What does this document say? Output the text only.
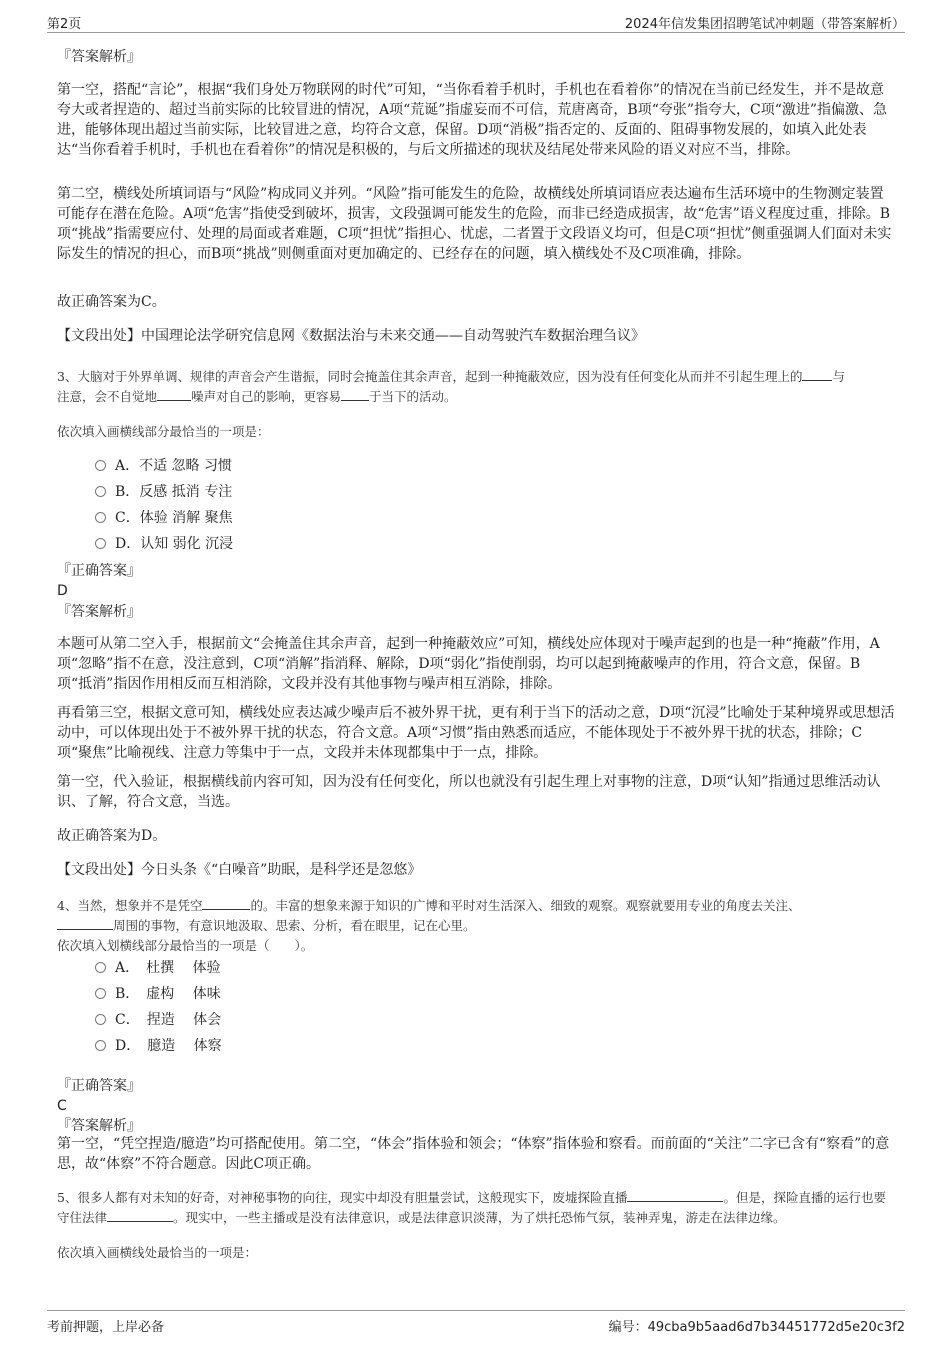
第2页	2024年信发集团招聘笔试冲刺题（带答案解析）
『答案解析』
第一空，搭配“言论”，根据“我们身处万物联网的时代”可知，“当你看着手机时，手机也在看着你”的情况在当前已经发生，并不是故意夸大或者捏造的、超过当前实际的比较冒进的情况，A项“荒诞”指虚妄而不可信，荒唐离奇，B项“夸张”指夸大，C项“激进”指偏激、急进，能够体现出超过当前实际，比较冒进之意，均符合文意，保留。D项“消极”指否定的、反面的、阻碍事物发展的，如填入此处表达“当你看着手机时，手机也在看着你”的情况是积极的，与后文所描述的现状及结尾处带来风险的语义对应不当，排除。
第二空，横线处所填词语与“风险”构成同义并列。“风险”指可能发生的危险，故横线处所填词语应表达遍布生活环境中的生物测定装置可能存在潜在危险。A项“危害”指使受到破坏，损害，文段强调可能发生的危险，而非已经造成损害，故“危害”语义程度过重，排除。B项“挑战”指需要应付、处理的局面或者难题，C项“担忧”指担心、忧虑，二者置于文段语义均可，但是C项“担忧”侧重强调人们面对未实际发生的情况的担心，而B项“挑战”则侧重面对更加确定的、已经存在的问题，填入横线处不及C项准确，排除。
故正确答案为C。
【文段出处】中国理论法学研究信息网《数据法治与未来交通——自动驾驶汽车数据治理刍议》
3、大脑对于外界单调、规律的声音会产生谐振，同时会掩盖住其余声音，起到一种掩蔽效应，因为没有任何变化从而并不引起生理上的 与
注意，会不自觉地	噪声对自己的影响，更容易 于当下的活动。
依次填入画横线部分最恰当的一项是：
A．不适 忽略 习惯
B．反感 抵消 专注
C．体验 消解 聚焦
D．认知 弱化 沉浸
『正确答案』
D
『答案解析』
本题可从第二空入手，根据前文“会掩盖住其余声音，起到一种掩蔽效应”可知，横线处应体现对于噪声起到的也是一种“掩蔽”作用，A项“忽略”指不在意，没注意到，C项“消解”指消释、解除，D项“弱化”指使削弱，均可以起到掩蔽噪声的作用，符合文意，保留。B项“抵消”指因作用相反而互相消除，文段并没有其他事物与噪声相互消除，排除。
再看第三空，根据文意可知，横线处应表达减少噪声后不被外界干扰，更有利于当下的活动之意，D项“沉浸”比喻处于某种境界或思想活动中，可以体现出处于不被外界干扰的状态，符合文意。A项“习惯”指由熟悉而适应，不能体现处于不被外界干扰的状态，排除；C项“聚焦”比喻视线、注意力等集中于一点，文段并未体现都集中于一点，排除。
第一空，代入验证，根据横线前内容可知，因为没有任何变化，所以也就没有引起生理上对事物的注意，D项“认知”指通过思维活动认识、了解，符合文意，当选。
故正确答案为D。
【文段出处】今日头条《“白噪音”助眠，是科学还是忽悠》
4、当然，想象并不是凭空	的。丰富的想象来源于知识的广博和平时对生活深入、细致的观察。观察就要用专业的角度去关注、
周围的事物，有意识地汲取、思索、分析，看在眼里，记在心里。
依次填入划横线部分最恰当的一项是（　　）。
A．　杜撰　 体验
B．　虚构　 体味
C．　捏造　 体会
D．　臆造　 体察
『正确答案』
C
『答案解析』
第一空，“凭空捏造/臆造”均可搭配使用。第二空，“体会”指体验和领会；“体察”指体验和察看。而前面的“关注”二字已含有“察看”的意思，故“体察”不符合题意。因此C项正确。
5、很多人都有对未知的好奇，对神秘事物的向往，现实中却没有胆量尝试，这般现实下，废墟探险直播	。但是，探险直播的运行也要守住法律	。现实中，一些主播或是没有法律意识，或是法律意识淡薄，为了烘托恐怖气氛，装神弄鬼，游走在法律边缘。
依次填入画横线处最恰当的一项是：
考前押题，上岸必备	编号：49cba9b5aad6d7b34451772d5e20c3f2
